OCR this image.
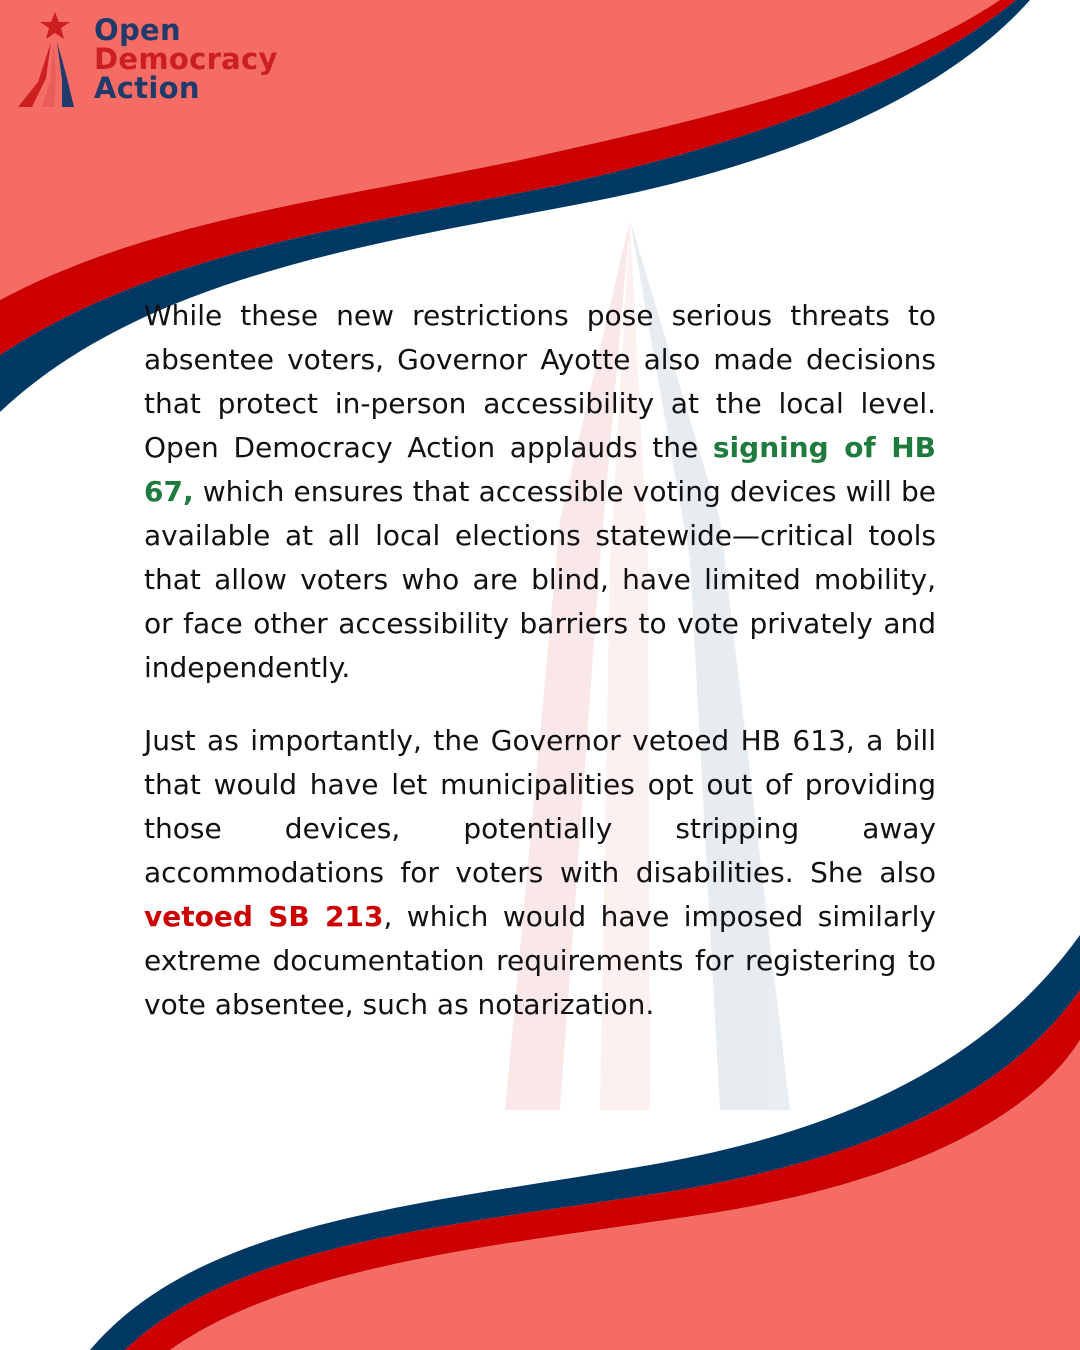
Open
Democracy
Action

While these new restrictions pose serious threats to absentee voters, Governor Ayotte also made decisions that protect in-person accessibility at the local level. Open Democracy Action applauds the signing of HB 67, which ensures that accessible voting devices will be available at all local elections statewide—critical tools that allow voters who are blind, have limited mobility, or face other accessibility barriers to vote privately and independently.

Just as importantly, the Governor vetoed HB 613, a bill that would have let municipalities opt out of providing those devices, potentially stripping away accommodations for voters with disabilities. She also vetoed SB 213, which would have imposed similarly extreme documentation requirements for registering to vote absentee, such as notarization.
